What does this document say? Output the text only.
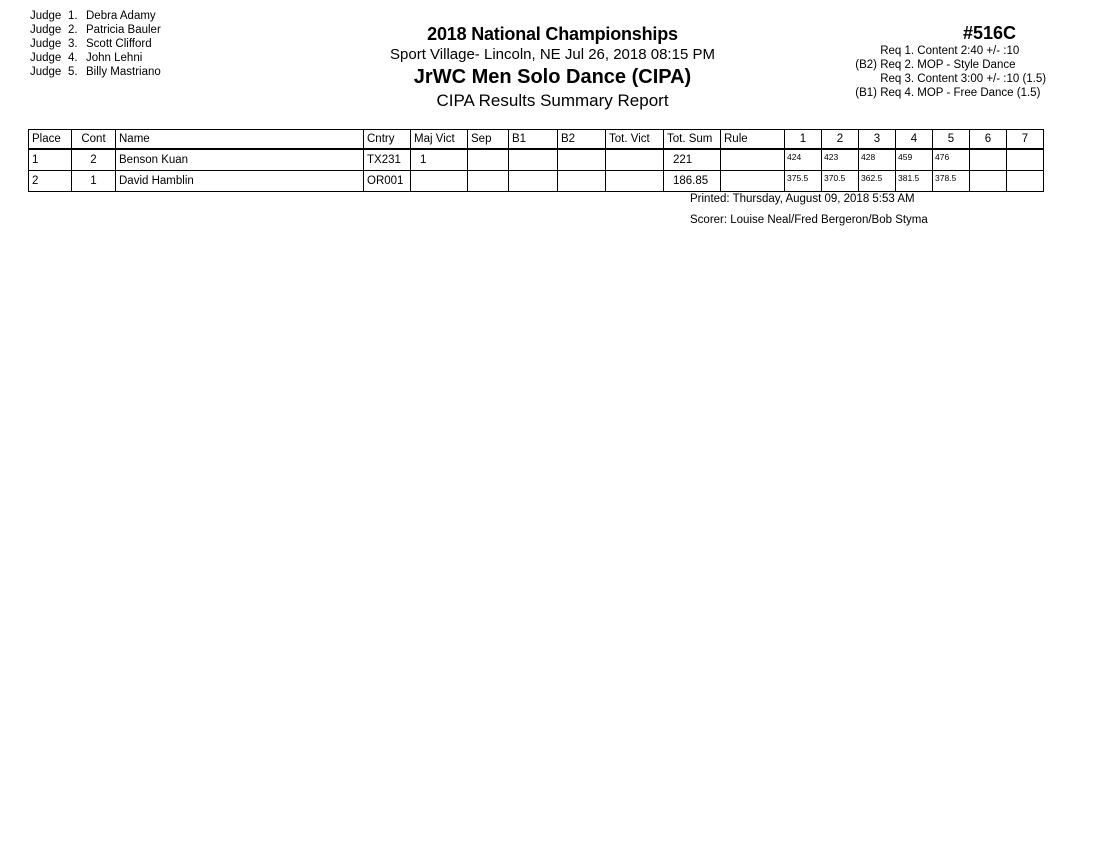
Judge 1. Debra Adamy
Judge 2. Patricia Bauler
Judge 3. Scott Clifford
Judge 4. John Lehni
Judge 5. Billy Mastriano
2018 National Championships
Sport Village- Lincoln, NE Jul 26, 2018 08:15 PM
JrWC Men Solo Dance (CIPA)
CIPA Results Summary Report
#516C
Req 1. Content 2:40 +/- :10
(B2) Req 2. MOP - Style Dance
Req 3. Content 3:00 +/- :10 (1.5)
(B1) Req 4. MOP - Free Dance (1.5)
Place	Cont	Name	Cntry	Maj Vict	Sep	B1	B2	Tot. Vict	Tot. Sum	Rule	1	2	3	4	5	6	7
1	2	Benson Kuan	TX231	1					221		424	423	428	459	476		
2	1	David Hamblin	OR001						186.85		375.5	370.5	362.5	381.5	378.5		
Printed: Thursday, August 09, 2018 5:53 AM
Scorer: Louise Neal/Fred Bergeron/Bob Styma
